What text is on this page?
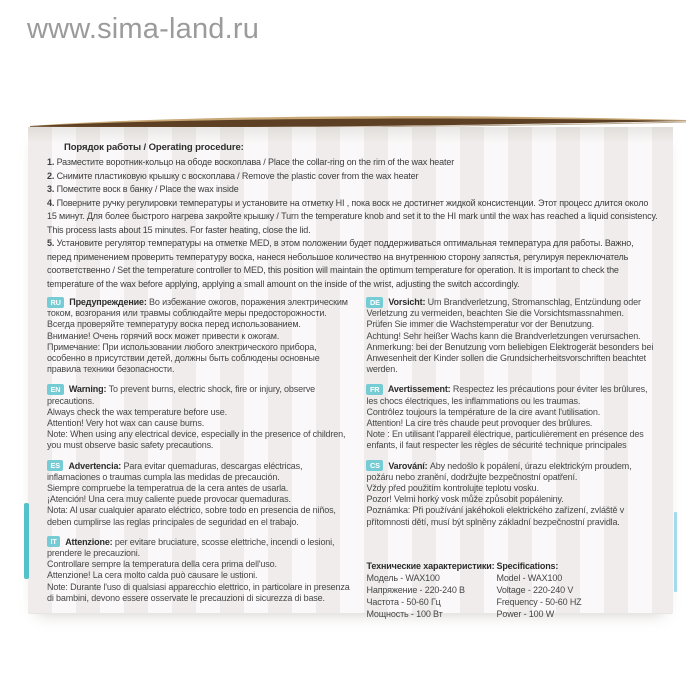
www.sima-land.ru
Порядок работы / Operating procedure:
1. Разместите воротник-кольцо на ободе воскоплава / Place the collar-ring on the rim of the wax heater
2. Снимите пластиковую крышку с воскоплава / Remove the plastic cover from the wax heater
3. Поместите воск в банку / Place the wax inside
4. Поверните ручку регулировки температуры и установите на отметку HI , пока воск не достигнет жидкой консистенции. Этот процесс длится около 15 минут. Для более быстрого нагрева закройте крышку / Turn the temperature knob and set it to the HI mark until the wax has reached a liquid consistency. This process lasts about 15 minutes. For faster heating, close the lid.
5. Установите регулятор температуры на отметке MED, в этом положении будет поддерживаться оптимальная температура для работы. Важно, перед применением проверить температуру воска, нанеся небольшое количество на внутреннюю сторону запястья, регулируя переключатель соответственно / Set the temperature controller to MED, this position will maintain the optimum temperature for operation. It is important to check the temperature of the wax before applying, applying a small amount on the inside of the wrist, adjusting the switch accordingly.
RU Предупреждение: Во избежание ожогов, поражения электрическим током, возгорания или травмы соблюдайте меры предосторожности.
Всегда проверяйте температуру воска перед использованием.
Внимание! Очень горячий воск может привести к ожогам.
Примечание: При использовании любого электрического прибора, особенно в присутствии детей, должны быть соблюдены основные правила техники безопасности.
EN Warning: To prevent burns, electric shock, fire or injury, observe precautions.
Always check the wax temperature before use.
Attention! Very hot wax can cause burns.
Note: When using any electrical device, especially in the presence of children, you must observe basic safety precautions.
ES Advertencia: Para evitar quemaduras, descargas eléctricas, inflamaciones o traumas cumpla las medidas de precaución.
Siempre compruebe la temperatrua de la cera antes de usarla.
¡Atención! Una cera muy caliente puede provocar quemaduras.
Nota: Al usar cualquier aparato eléctrico, sobre todo en presencia de niños, deben cumplirse las reglas principales de seguridad en el trabajo.
IT Attenzione: per evitare bruciature, scosse elettriche, incendi o lesioni, prendere le precauzioni.
Controllare sempre la temperatura della cera prima dell'uso.
Attenzione! La cera molto calda può causare le ustioni.
Note: Durante l'uso di qualsiasi apparecchio elettrico, in particolare in presenza di bambini, devono essere osservate le precauzioni di sicurezza di base.
DE Vorsicht: Um Brandverletzung, Stromanschlag, Entzündung oder Verletzung zu vermeiden, beachten Sie die Vorsichtsmassnahmen.
Prüfen Sie immer die Wachstemperatur vor der Benutzung.
Achtung! Sehr heißer Wachs kann die Brandverletzungen verursachen.
Anmerkung: bei der Benutzung vom beliebigen Elektrogerät besonders bei Anwesenheit der Kinder sollen die Grundsicherheitsvorschriften beachtet werden.
FR Avertissement: Respectez les précautions pour éviter les brûlures, les chocs électriques, les inflammations ou les traumas.
Contrôlez toujours la température de la cire avant l'utilisation.
Attention! La cire très chaude peut provoquer des brûlures.
Note : En utilisant l'appareil électrique, particulièrement en présence des enfants, il faut respecter les règles de sécurité technique principales
CS Varování: Aby nedošlo k popálení, úrazu elektrickým proudem, požáru nebo zranění, dodržujte bezpečnostní opatření.
Vždy před použitím kontrolujte teplotu vosku.
Pozor! Velmi horký vosk může způsobit popáleniny.
Poznámka: Při používání jakéhokoli elektrického zařízení, zvláště v přítomnosti dětí, musí být splněny základní bezpečnostní pravidla.
Технические характеристики:
Модель - WAX100
Напряжение - 220-240 В
Частота - 50-60 Гц
Мощность - 100 Вт
Specifications:
Model - WAX100
Voltage - 220-240 V
Frequency - 50-60 HZ
Power - 100 W
